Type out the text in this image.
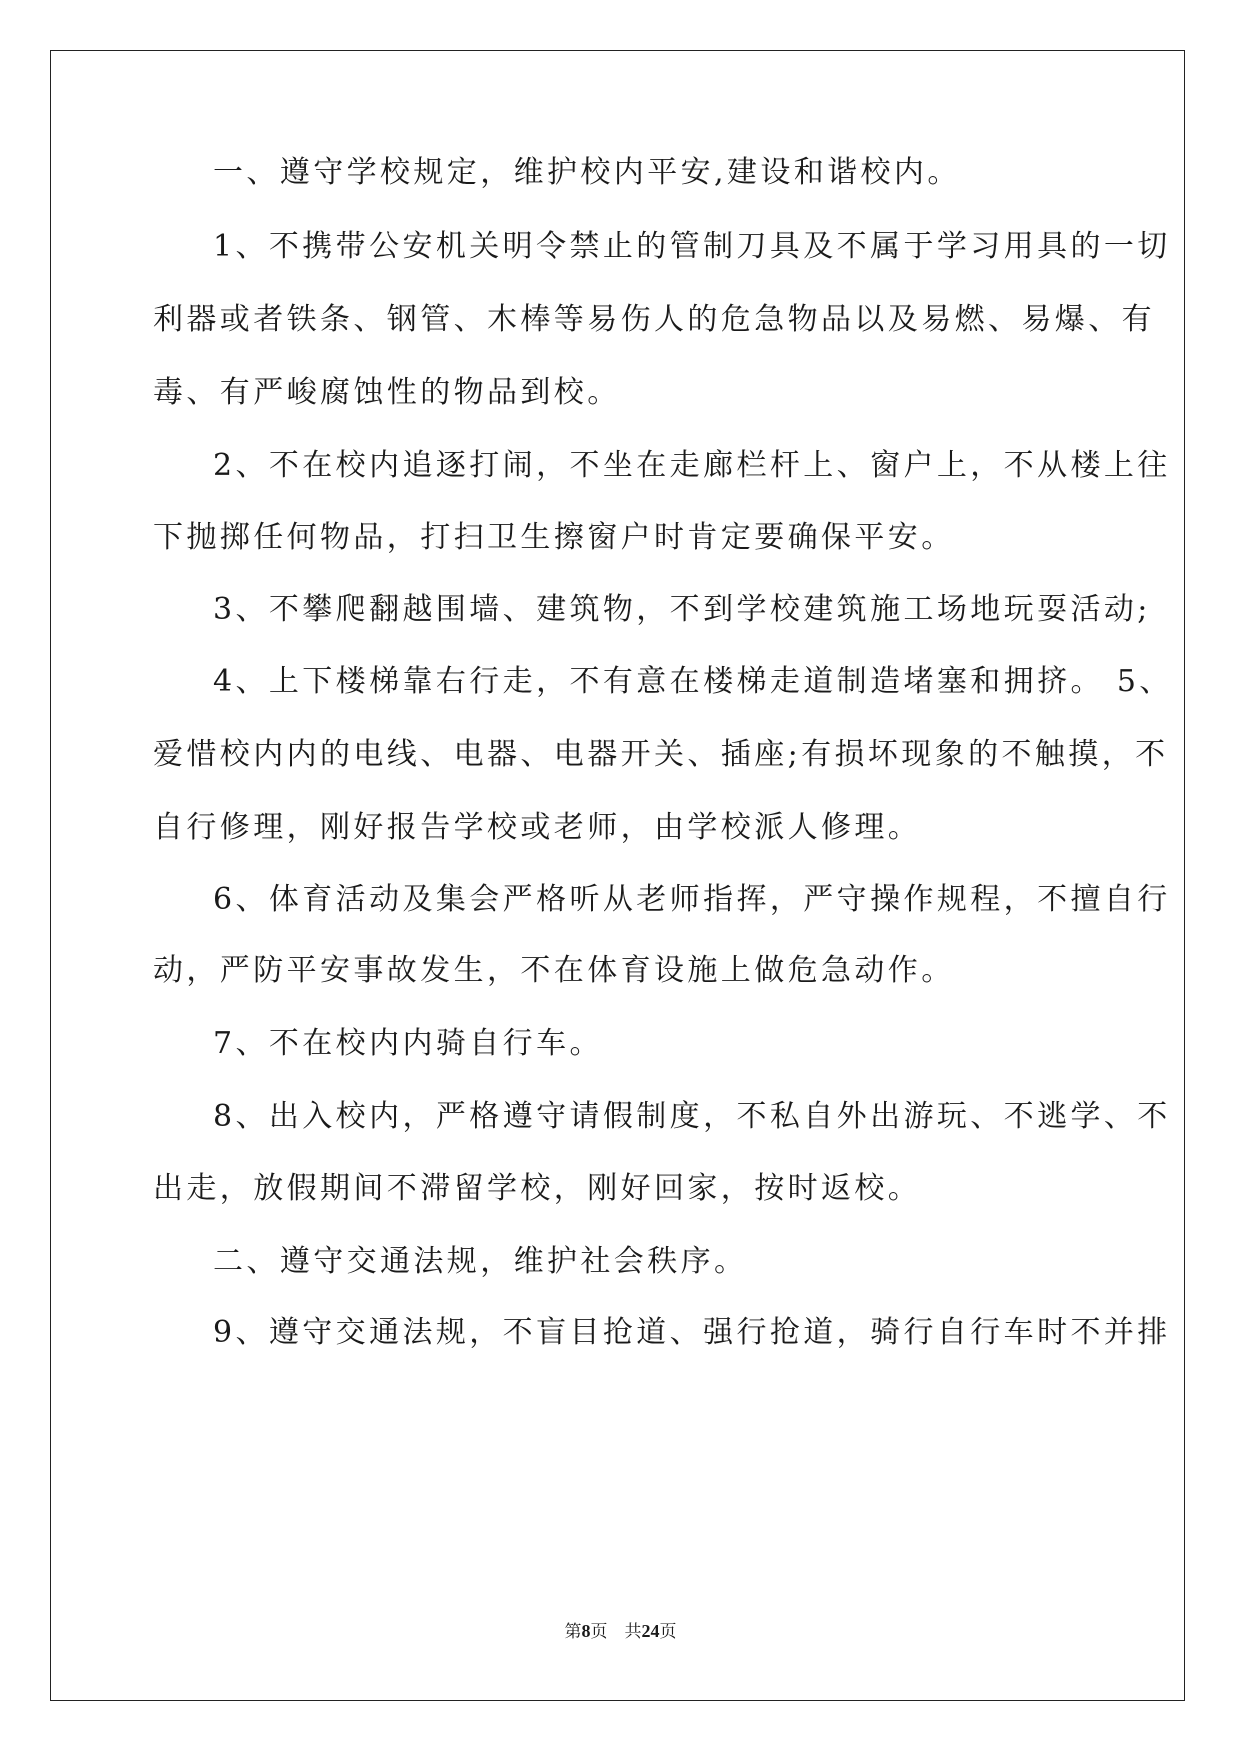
一、遵守学校规定，维护校内平安,建设和谐校内。

1、不携带公安机关明令禁止的管制刀具及不属于学习用具的一切

利器或者铁条、钢管、木棒等易伤人的危急物品以及易燃、易爆、有

毒、有严峻腐蚀性的物品到校。

2、不在校内追逐打闹，不坐在走廊栏杆上、窗户上，不从楼上往

下抛掷任何物品，打扫卫生擦窗户时肯定要确保平安。

3、不攀爬翻越围墙、建筑物，不到学校建筑施工场地玩耍活动;

4、上下楼梯靠右行走，不有意在楼梯走道制造堵塞和拥挤。 5、

爱惜校内内的电线、电器、电器开关、插座;有损坏现象的不触摸，不

自行修理，刚好报告学校或老师，由学校派人修理。

6、体育活动及集会严格听从老师指挥，严守操作规程，不擅自行

动，严防平安事故发生，不在体育设施上做危急动作。

7、不在校内内骑自行车。

8、出入校内，严格遵守请假制度，不私自外出游玩、不逃学、不

出走，放假期间不滞留学校，刚好回家，按时返校。

二、遵守交通法规，维护社会秩序。

9、遵守交通法规，不盲目抢道、强行抢道，骑行自行车时不并排

第8页　共24页
